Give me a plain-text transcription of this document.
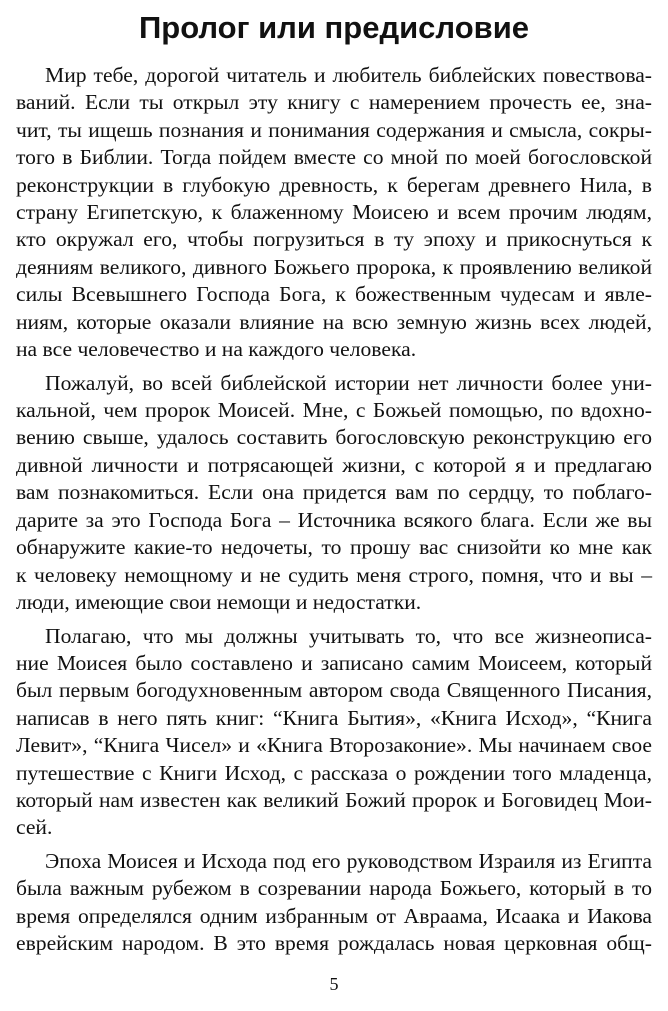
Пролог или предисловие

Мир тебе, дорогой читатель и любитель библейских повествова-
ваний. Если ты открыл эту книгу с намерением прочесть ее, зна-
чит, ты ищешь познания и понимания содержания и смысла, сокры-
того в Библии. Тогда пойдем вместе со мной по моей богословской
реконструкции в глубокую древность, к берегам древнего Нила, в
страну Египетскую, к блаженному Моисею и всем прочим людям,
кто окружал его, чтобы погрузиться в ту эпоху и прикоснуться к
деяниям великого, дивного Божьего пророка, к проявлению великой
силы Всевышнего Господа Бога, к божественным чудесам и явле-
ниям, которые оказали влияние на всю земную жизнь всех людей,
на все человечество и на каждого человека.

Пожалуй, во всей библейской истории нет личности более уни-
кальной, чем пророк Моисей. Мне, с Божьей помощью, по вдохно-
вению свыше, удалось составить богословскую реконструкцию его
дивной личности и потрясающей жизни, с которой я и предлагаю
вам познакомиться. Если она придется вам по сердцу, то поблаго-
дарите за это Господа Бога – Источника всякого блага. Если же вы
обнаружите какие-то недочеты, то прошу вас снизойти ко мне как
к человеку немощному и не судить меня строго, помня, что и вы –
люди, имеющие свои немощи и недостатки.

Полагаю, что мы должны учитывать то, что все жизнеописа-
ние Моисея было составлено и записано самим Моисеем, который
был первым богодухновенным автором свода Священного Писания,
написав в него пять книг: “Книга Бытия», «Книга Исход», “Книга
Левит», “Книга Чисел» и «Книга Второзаконие». Мы начинаем свое
путешествие с Книги Исход, с рассказа о рождении того младенца,
который нам известен как великий Божий пророк и Боговидец Мои-
сей.

Эпоха Моисея и Исхода под его руководством Израиля из Египта
была важным рубежом в созревании народа Божьего, который в то
время определялся одним избранным от Авраама, Исаака и Иакова
еврейским народом. В это время рождалась новая церковная общ-

5
